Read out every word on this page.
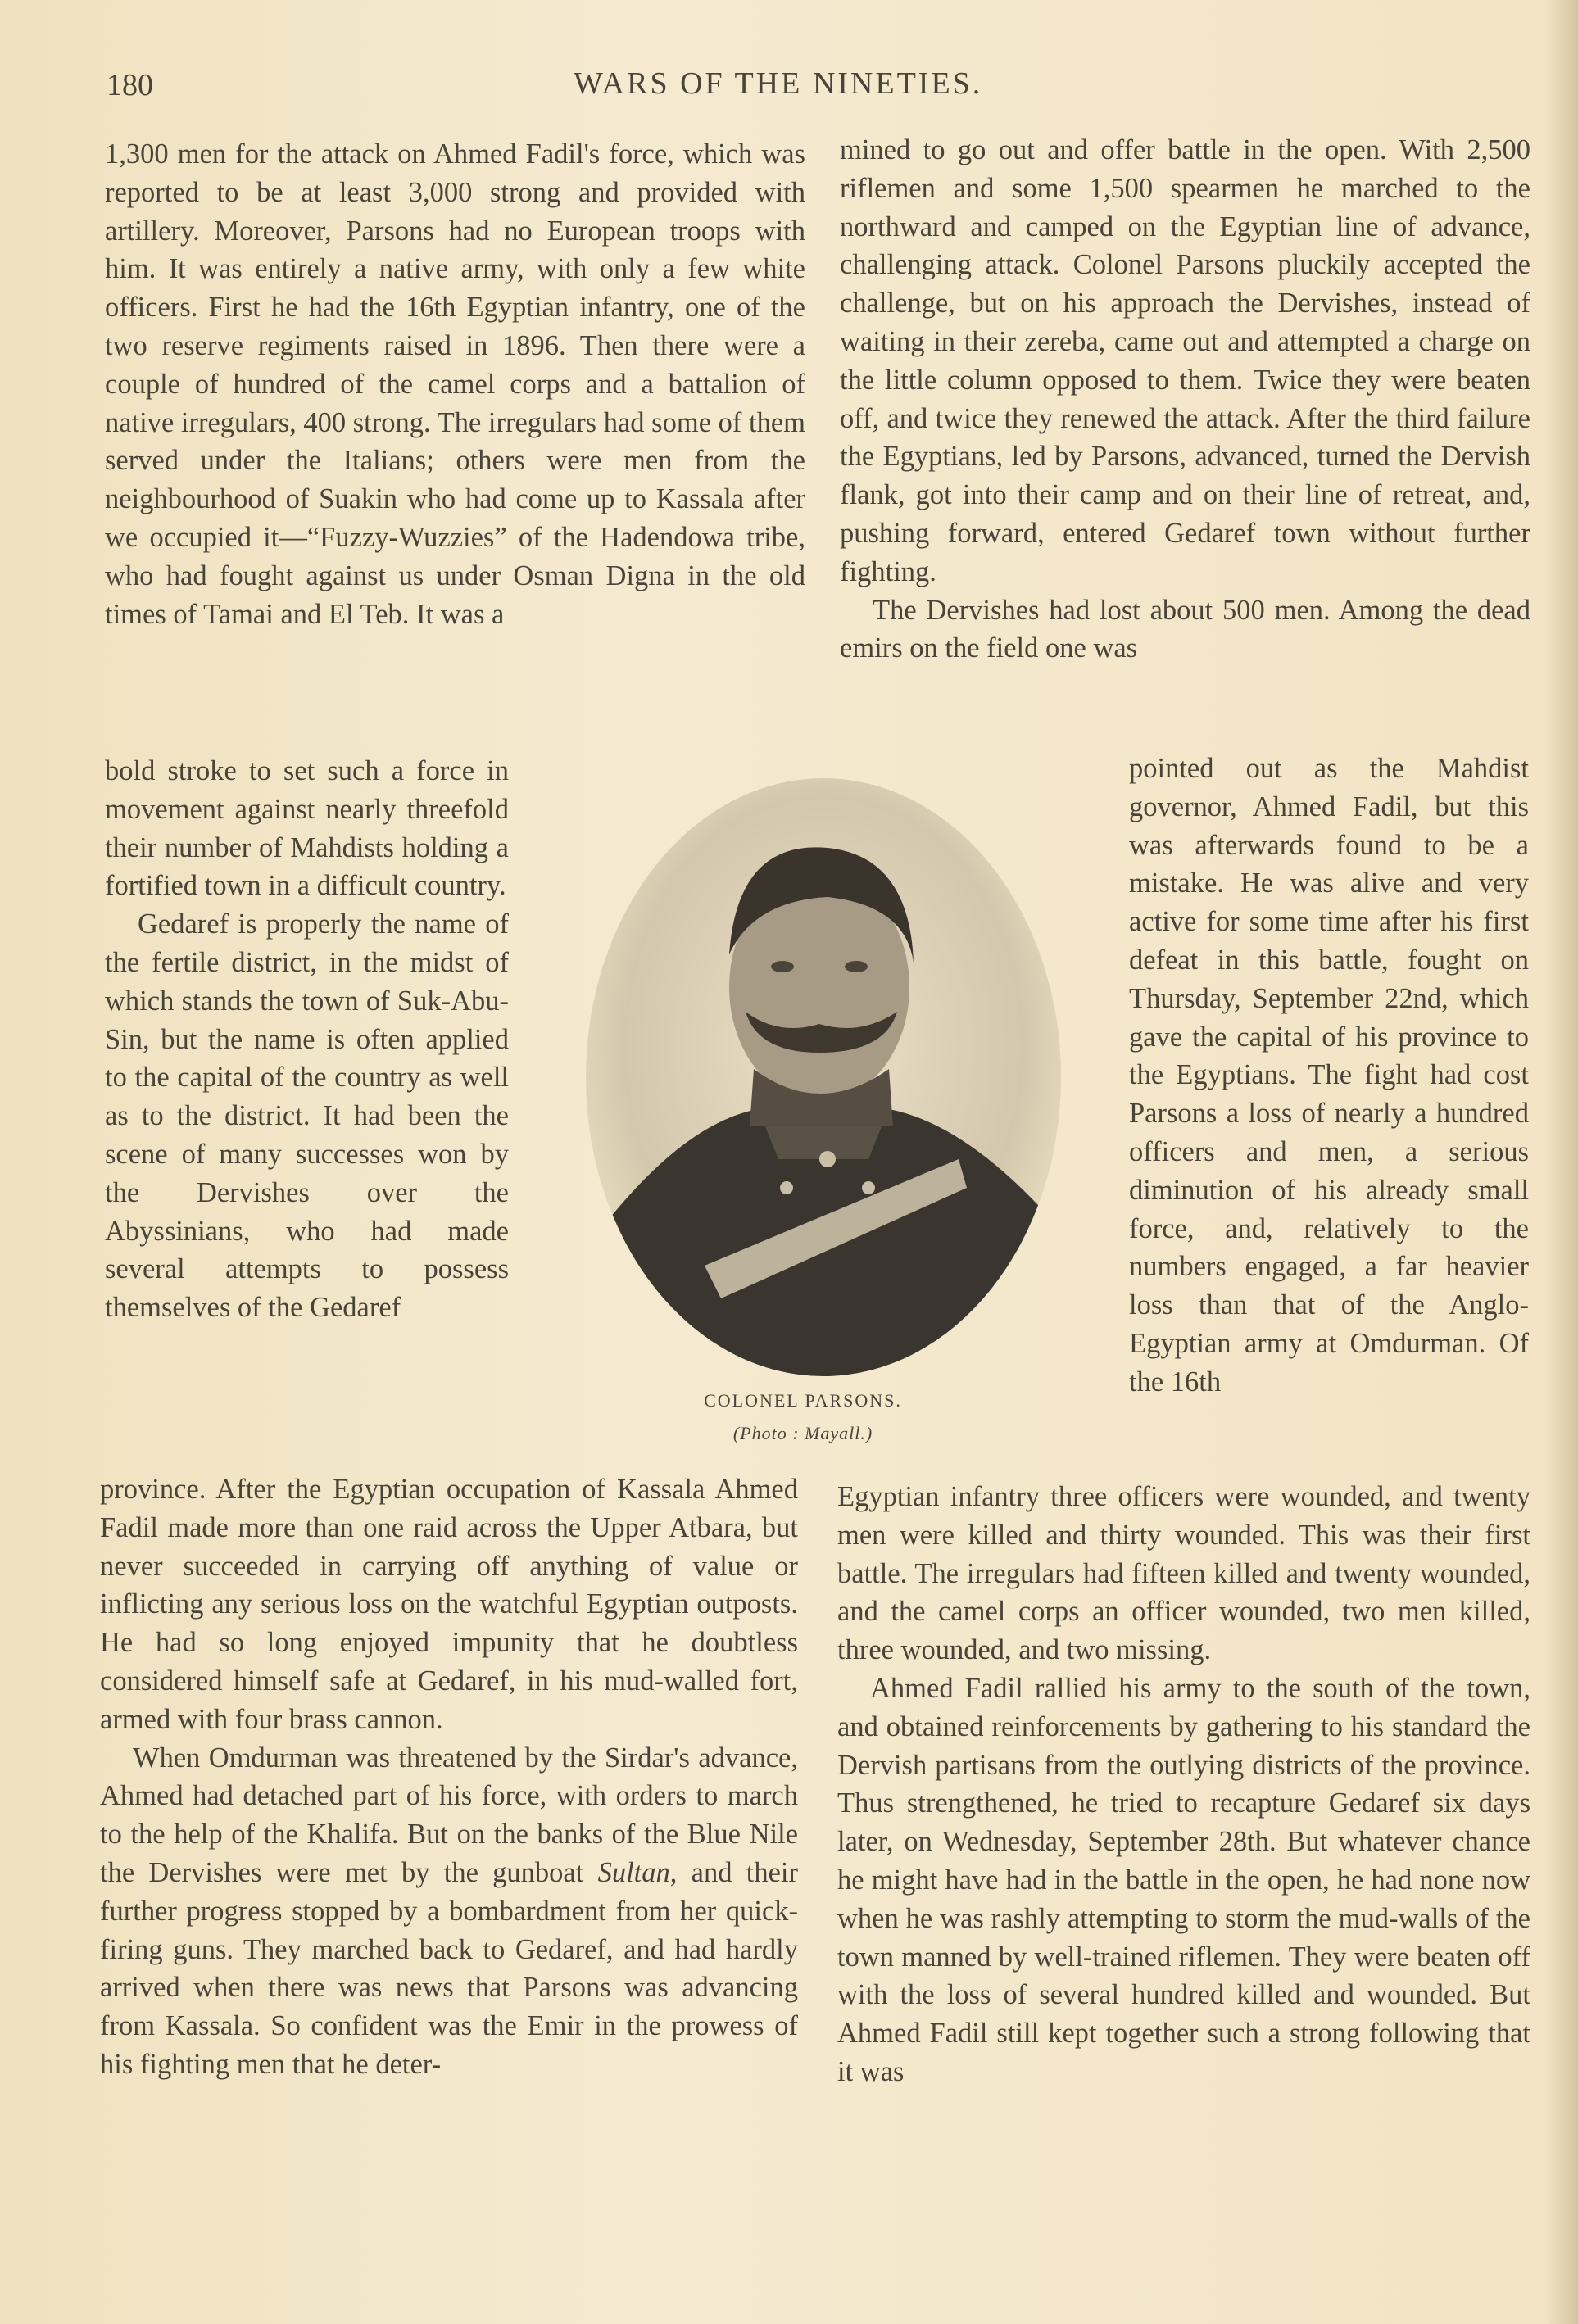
180	WARS OF THE NINETIES.

1,300 men for the attack on Ahmed Fadil's force, which was reported to be at least 3,000 strong and provided with artillery. Moreover, Parsons had no European troops with him. It was entirely a native army, with only a few white officers. First he had the 16th Egyptian infantry, one of the two reserve regiments raised in 1896. Then there were a couple of hundred of the camel corps and a battalion of native irregulars, 400 strong. The irregulars had some of them served under the Italians; others were men from the neighbourhood of Suakin who had come up to Kassala after we occupied it—“Fuzzy-Wuzzies” of the Hadendowa tribe, who had fought against us under Osman Digna in the old times of Tamai and El Teb. It was a

bold stroke to set such a force in movement against nearly threefold their number of Mahdists holding a fortified town in a difficult country.

Gedaref is properly the name of the fertile district, in the midst of which stands the town of Suk-Abu-Sin, but the name is often applied to the capital of the country as well as to the district. It had been the scene of many successes won by the Dervishes over the Abyssinians, who had made several attempts to possess themselves of the Gedaref

province. After the Egyptian occupation of Kassala Ahmed Fadil made more than one raid across the Upper Atbara, but never succeeded in carrying off anything of value or inflicting any serious loss on the watchful Egyptian outposts. He had so long enjoyed impunity that he doubtless considered himself safe at Gedaref, in his mud-walled fort, armed with four brass cannon.

When Omdurman was threatened by the Sirdar's advance, Ahmed had detached part of his force, with orders to march to the help of the Khalifa. But on the banks of the Blue Nile the Dervishes were met by the gunboat Sultan, and their further progress stopped by a bombardment from her quick-firing guns. They marched back to Gedaref, and had hardly arrived when there was news that Parsons was advancing from Kassala. So confident was the Emir in the prowess of his fighting men that he deter-

mined to go out and offer battle in the open. With 2,500 riflemen and some 1,500 spearmen he marched to the northward and camped on the Egyptian line of advance, challenging attack. Colonel Parsons pluckily accepted the challenge, but on his approach the Dervishes, instead of waiting in their zereba, came out and attempted a charge on the little column opposed to them. Twice they were beaten off, and twice they renewed the attack. After the third failure the Egyptians, led by Parsons, advanced, turned the Dervish flank, got into their camp and on their line of retreat, and, pushing forward, entered Gedaref town without further fighting.

The Dervishes had lost about 500 men. Among the dead emirs on the field one was

pointed out as the Mahdist governor, Ahmed Fadil, but this was afterwards found to be a mistake. He was alive and very active for some time after his first defeat in this battle, fought on Thursday, September 22nd, which gave the capital of his province to the Egyptians. The fight had cost Parsons a loss of nearly a hundred officers and men, a serious diminution of his already small force, and, relatively to the numbers engaged, a far heavier loss than that of the Anglo-Egyptian army at Omdurman. Of the 16th

Egyptian infantry three officers were wounded, and twenty men were killed and thirty wounded. This was their first battle. The irregulars had fifteen killed and twenty wounded, and the camel corps an officer wounded, two men killed, three wounded, and two missing.

Ahmed Fadil rallied his army to the south of the town, and obtained reinforcements by gathering to his standard the Dervish partisans from the outlying districts of the province. Thus strengthened, he tried to recapture Gedaref six days later, on Wednesday, September 28th. But whatever chance he might have had in the battle in the open, he had none now when he was rashly attempting to storm the mud-walls of the town manned by well-trained riflemen. They were beaten off with the loss of several hundred killed and wounded. But Ahmed Fadil still kept together such a strong following that it was

COLONEL PARSONS.
(Photo : Mayall.)
